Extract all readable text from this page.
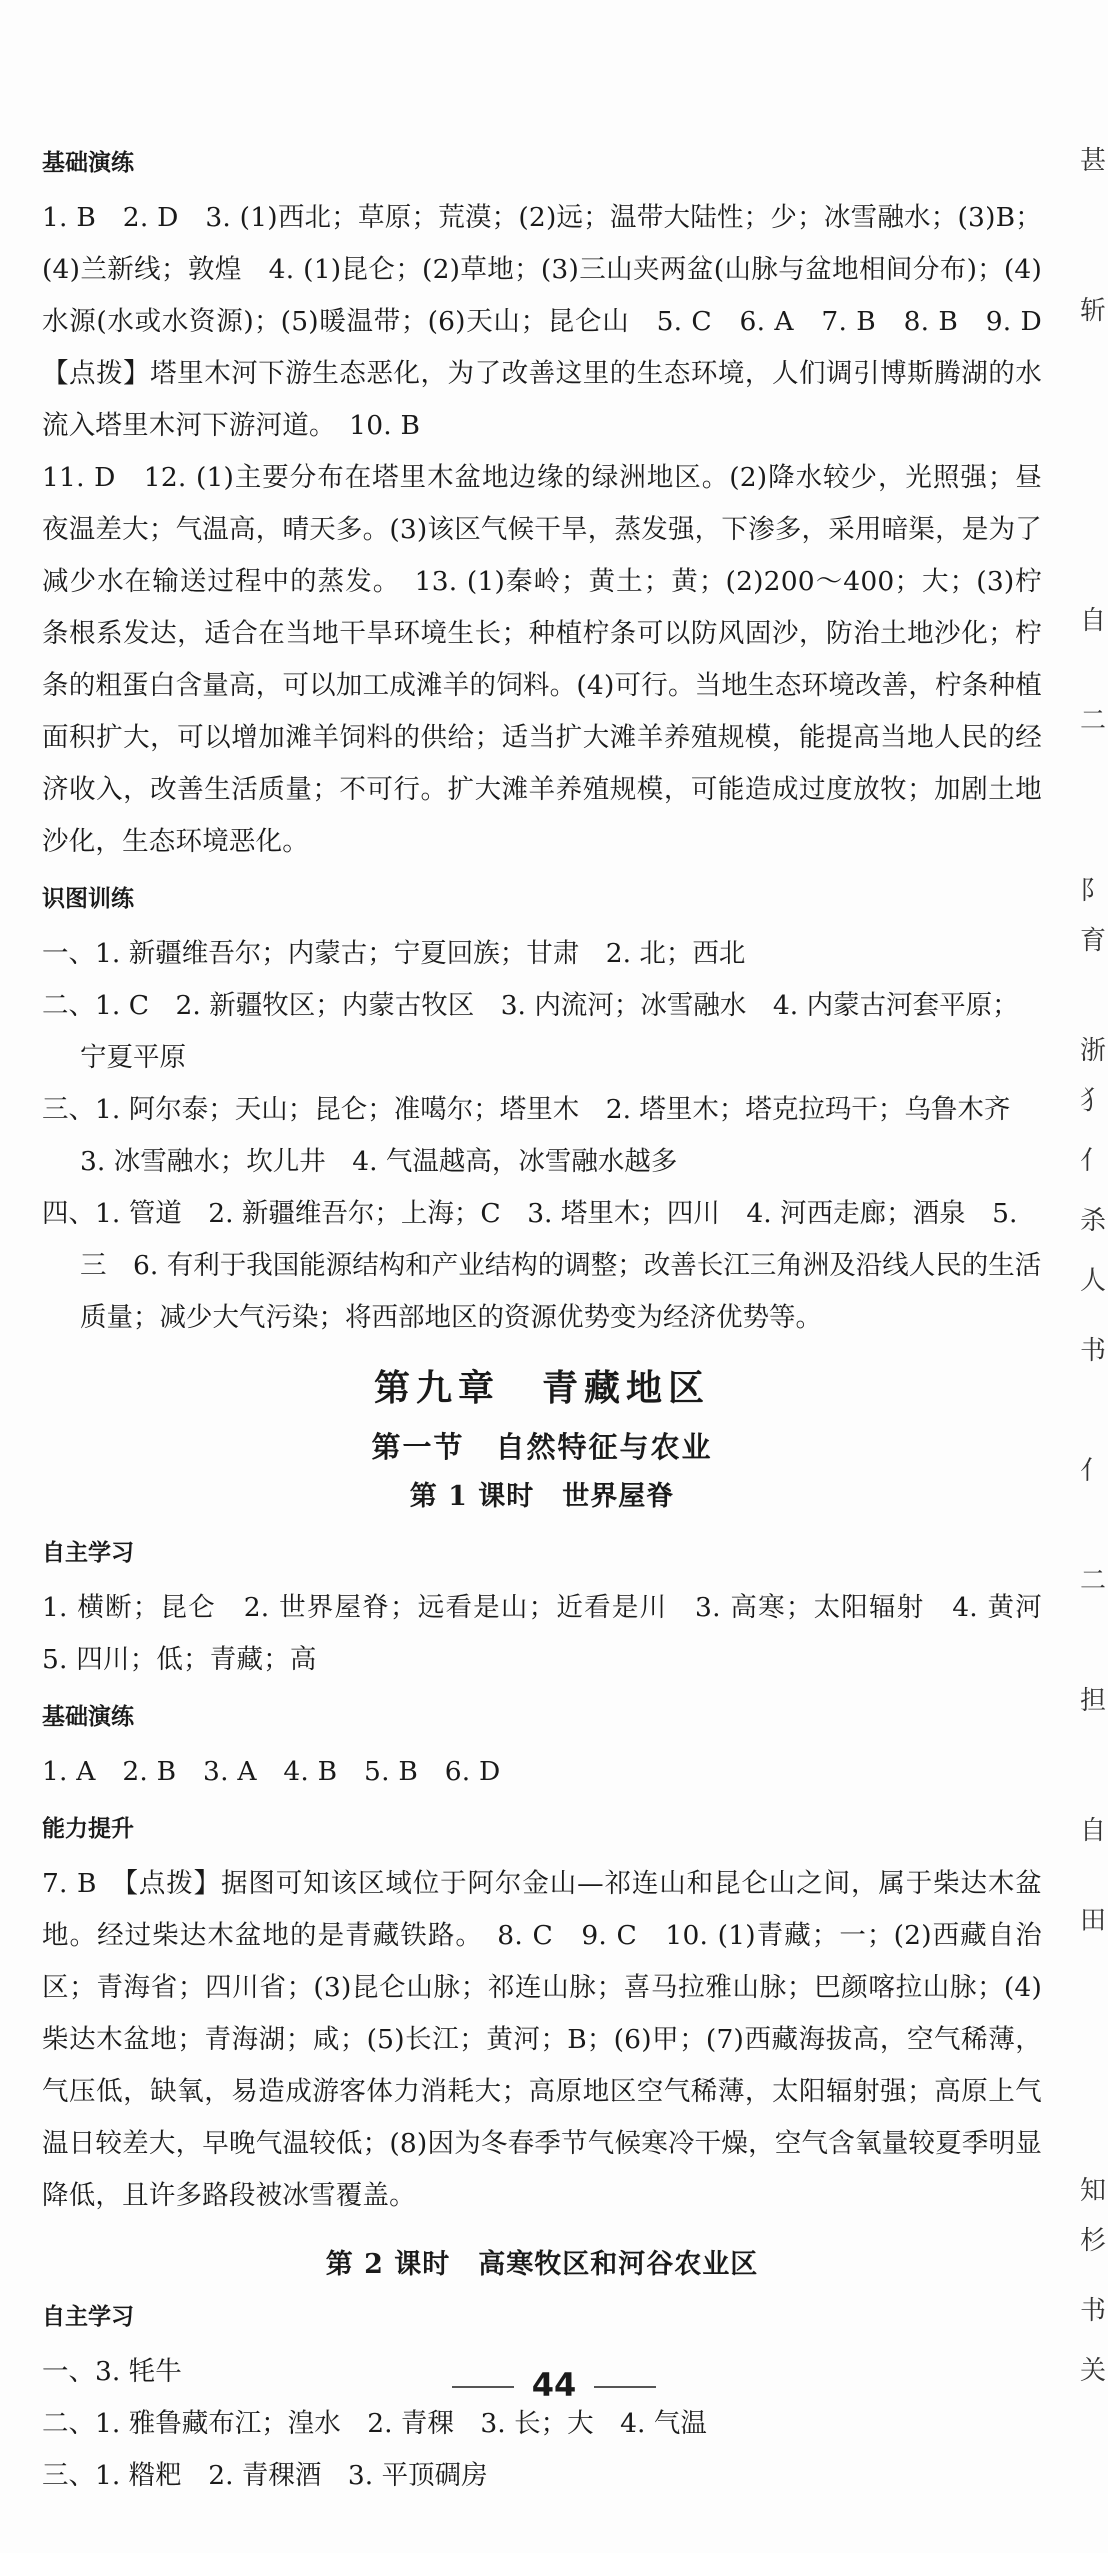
基础演练
1. B　2. D　3. (1)西北；草原；荒漠；(2)远；温带大陆性；少；冰雪融水；(3)B；(4)兰新线；敦煌　4. (1)昆仑；(2)草地；(3)三山夹两盆(山脉与盆地相间分布)；(4)水源(水或水资源)；(5)暖温带；(6)天山；昆仑山　5. C　6. A　7. B　8. B　9. D　【点拨】塔里木河下游生态恶化，为了改善这里的生态环境，人们调引博斯腾湖的水流入塔里木河下游河道。　10. B
11. D　12. (1)主要分布在塔里木盆地边缘的绿洲地区。(2)降水较少，光照强；昼夜温差大；气温高，晴天多。(3)该区气候干旱，蒸发强，下渗多，采用暗渠，是为了减少水在输送过程中的蒸发。　13. (1)秦岭；黄土；黄；(2)200～400；大；(3)柠条根系发达，适合在当地干旱环境生长；种植柠条可以防风固沙，防治土地沙化；柠条的粗蛋白含量高，可以加工成滩羊的饲料。(4)可行。当地生态环境改善，柠条种植面积扩大，可以增加滩羊饲料的供给；适当扩大滩羊养殖规模，能提高当地人民的经济收入，改善生活质量；不可行。扩大滩羊养殖规模，可能造成过度放牧；加剧土地沙化，生态环境恶化。
识图训练
一、1. 新疆维吾尔；内蒙古；宁夏回族；甘肃　2. 北；西北
二、1. C　2. 新疆牧区；内蒙古牧区　3. 内流河；冰雪融水　4. 内蒙古河套平原；宁夏平原
三、1. 阿尔泰；天山；昆仑；准噶尔；塔里木　2. 塔里木；塔克拉玛干；乌鲁木齐　3. 冰雪融水；坎儿井　4. 气温越高，冰雪融水越多
四、1. 管道　2. 新疆维吾尔；上海；C　3. 塔里木；四川　4. 河西走廊；酒泉　5. 三　6. 有利于我国能源结构和产业结构的调整；改善长江三角洲及沿线人民的生活质量；减少大气污染；将西部地区的资源优势变为经济优势等。
第九章　青藏地区
第一节　自然特征与农业
第 1 课时　世界屋脊
自主学习
1. 横断；昆仑　2. 世界屋脊；远看是山；近看是川　3. 高寒；太阳辐射　4. 黄河　5. 四川；低；青藏；高
基础演练
1. A　2. B　3. A　4. B　5. B　6. D
能力提升
7. B　【点拨】据图可知该区域位于阿尔金山—祁连山和昆仑山之间，属于柴达木盆地。经过柴达木盆地的是青藏铁路。　8. C　9. C　10. (1)青藏；一；(2)西藏自治区；青海省；四川省；(3)昆仑山脉；祁连山脉；喜马拉雅山脉；巴颜喀拉山脉；(4)柴达木盆地；青海湖；咸；(5)长江；黄河；B；(6)甲；(7)西藏海拔高，空气稀薄，气压低，缺氧，易造成游客体力消耗大；高原地区空气稀薄，太阳辐射强；高原上气温日较差大，早晚气温较低；(8)因为冬春季节气候寒冷干燥，空气含氧量较夏季明显降低，且许多路段被冰雪覆盖。
第 2 课时　高寒牧区和河谷农业区
自主学习
一、3. 牦牛
二、1. 雅鲁藏布江；湟水　2. 青稞　3. 长；大　4. 气温
三、1. 糌粑　2. 青稞酒　3. 平顶碉房
44
甚
斩
自
二
阝
育
浙
犭
亻
杀
人
书
亻
二
担
自
田
知
杉
书
关
